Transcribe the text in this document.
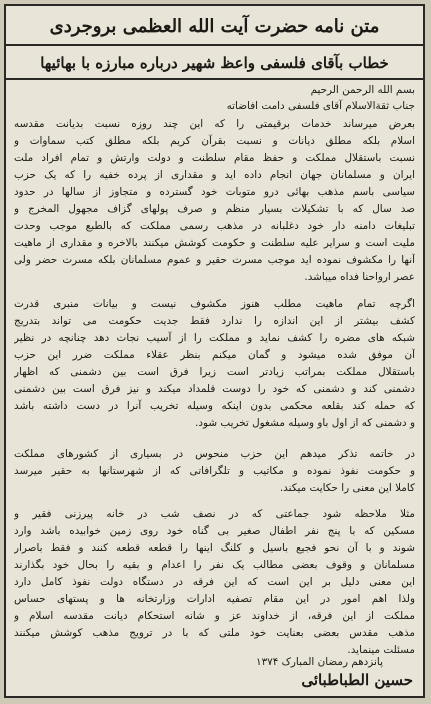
متن نامه حضرت آیت الله العظمی بروجردی
خطاب بآقای فلسفی واعظ شهیر درباره مبارزه با بهائیها
بسم الله الرحمن الرحیم
جناب ثقةالاسلام آقای فلسفی دامت افاضاته
بعرض میرساند خدمات برقیمتی را که این چند روزه نسبت بدیانت مقدسه
اسلام بلکه مطلق دیانات و نسبت بقرآن کریم بلکه مطلق کتب سماوات و
نسبت باستقلال مملکت و حفظ مقام سلطنت و دولت وارتش و تمام افراد ملت
ایران و مسلمانان جهان انجام داده اید و مقداری از پرده خفیه را که یک حزب
سیاسی باسم مذهب بهائی درو متوبات خود گسترده و متجاوز از سالها در حدود
صد سال که با تشکیلات بسیار منظم و صرف پولهای گزاف مجهول المخرج و
تبلیغات دامنه دار خود دغلبانه در مذهب رسمی مملکت که بالطبع موجب وحدت
ملیت است و سرایر علیه سلطنت و حکومت کوشش میکنند بالاخره و مقداری از ماهیت
آنها را مکشوف نموده اید موجب مسرت حقیر و عموم مسلمانان بلکه مسرت حضر ولی
عصر ارواحنا فداه میباشد.
اگرچه تمام ماهیت مطلب هنوز مکشوف نیست و بیانات منبری قدرت
کشف بیشتر از این اندازه را ندارد فقط جدیت حکومت می تواند بتدریج
شبکه های مضره را کشف نماید و مملکت را از آسیب نجات دهد چنانچه در نظیر
آن موفق شده میشود و گمان میکنم بنظر عقلاء مملکت ضرر این حزب
باستقلال مملکت بمراتب زیادتر است زیرا فرق است بین دشمنی که اظهار
دشمنی کند و دشمنی که خود را دوست قلمداد میکند و نیز فرق است بین دشمنی
که حمله کند بقلعه محکمی بدون اینکه وسیله تخریب آنرا در دست داشته باشد
و دشمنی که از اول باو وسیله مشغول تخریب شود.
در خاتمه تذکر میدهم این حزب منحوس در بسیاری از کشورهای مملکت
و حکومت نفوذ نموده و مکاتیب و تلگرافاتی که از شهرستانها به حقیر میرسد
کاملا این معنی را حکایت میکند.
مثلا ملاحظه شود جماعتی که در نصف شب در خانه پیرزنی فقیر و
مسکین که با پنج نفر اطفال صغیر بی گناه خود روی زمین خوابیده باشد وارد
شوند و با آن نحو فجیع باسیل و کلنگ اینها را قطعه قطعه کنند و فقط باصرار
مسلمانان و وقوف بعضی مطالب یک نفر را اعدام و بقیه را بحال خود بگذارند
این معنی دلیل بر این است که این فرقه در دستگاه دولت نفوذ کامل دارد
ولذا اهم امور در این مقام تصفیه ادارات وزارتخانه ها و پستهای حساس
مملکت از این فرقه، از خداوند عز و شانه استحکام دیانت مقدسه اسلام و
مذهب مقدس بعضی بعنایت خود ملتی که با در ترویج مذهب کوشش میکنند
مسئلت مینماید.
پانزدهم رمضان المبارک ۱۳۷۴
حسین الطباطبائی
